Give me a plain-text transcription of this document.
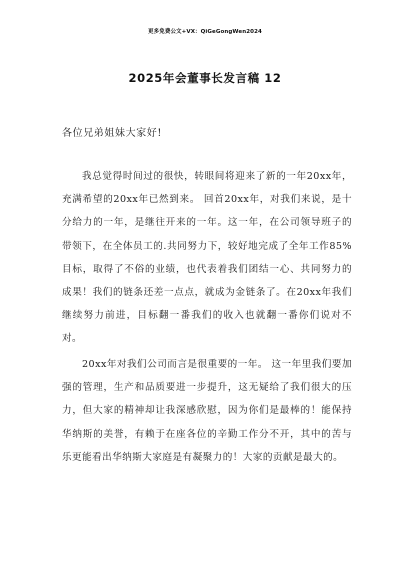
更多免费公文+VX：QiGeGongWen2024
2025年会董事长发言稿 12
各位兄弟姐妹大家好!

我总觉得时间过的很快，转眼间将迎来了新的一年20xx年，充满希望的20xx年已然到来。 回首20xx年，对我们来说，是十分给力的一年，是继往开来的一年。这一年，在公司领导班子的带领下，在全体员工的.共同努力下，较好地完成了全年工作85%目标，取得了不俗的业绩，也代表着我们团结一心、共同努力的成果！我们的链条还差一点点，就成为金链条了。在20xx年我们继续努力前进，目标翻一番我们的收入也就翻一番你们说对不对。

20xx年对我们公司而言是很重要的一年。 这一年里我们要加强的管理，生产和品质要进一步提升，这无疑给了我们很大的压力，但大家的精神却让我深感欣慰，因为你们是最棒的！能保持华纳斯的美誉，有赖于在座各位的辛勤工作分不开，其中的苦与乐更能看出华纳斯大家庭是有凝聚力的！大家的贡献是最大的。
